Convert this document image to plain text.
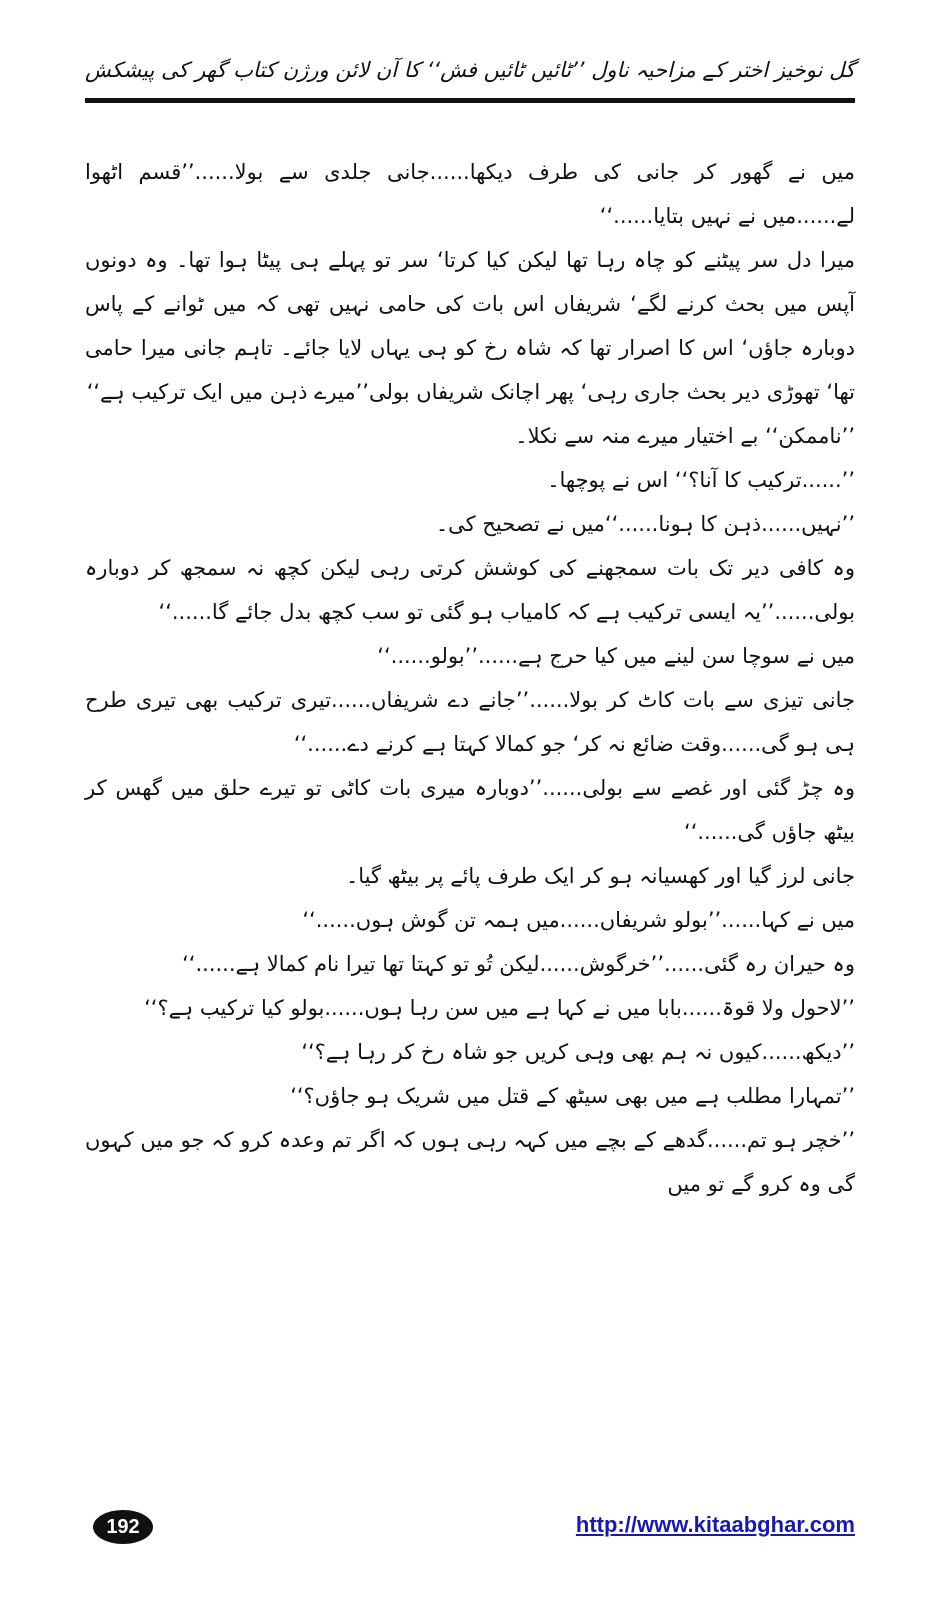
گل نوخیز اختر کے مزاحیہ ناول ’’ٹائیں ٹائیں فش‘‘ کا آن لائن ورژن
کتاب گھر کی پیشکش

میں نے گھور کر جانی کی طرف دیکھا......جانی جلدی سے بولا......’’قسم اٹھوا لے......میں نے نہیں بتایا......‘‘

میرا دل سر پیٹنے کو چاہ رہا تھا لیکن کیا کرتا‘ سر تو پہلے ہی پیٹا ہوا تھا۔ وہ دونوں آپس میں بحث کرنے لگے‘ شریفاں اس بات کی حامی نہیں تھی کہ میں ٹوانے کے پاس دوبارہ جاؤں‘ اس کا اصرار تھا کہ شاہ رخ کو ہی یہاں لایا جائے۔ تاہم جانی میرا حامی تھا‘ تھوڑی دیر بحث جاری رہی‘ پھر اچانک شریفاں بولی’’میرے ذہن میں ایک ترکیب ہے‘‘

’’ناممکن‘‘ بے اختیار میرے منہ سے نکلا۔

’’......ترکیب کا آنا؟‘‘ اس نے پوچھا۔

’’نہیں......ذہن کا ہونا......‘‘میں نے تصحیح کی۔

وہ کافی دیر تک بات سمجھنے کی کوشش کرتی رہی لیکن کچھ نہ سمجھ کر دوبارہ بولی......’’یہ ایسی ترکیب ہے کہ کامیاب ہو گئی تو سب کچھ بدل جائے گا......‘‘

میں نے سوچا سن لینے میں کیا حرج ہے......’’بولو......‘‘

جانی تیزی سے بات کاٹ کر بولا......’’جانے دے شریفاں......تیری ترکیب بھی تیری طرح ہی ہو گی......وقت ضائع نہ کر‘ جو کمالا کہتا ہے کرنے دے......‘‘

وہ چڑ گئی اور غصے سے بولی......’’دوبارہ میری بات کاٹی تو تیرے حلق میں گھس کر بیٹھ جاؤں گی......‘‘

جانی لرز گیا اور کھسیانہ ہو کر ایک طرف پائے پر بیٹھ گیا۔

میں نے کہا......’’بولو شریفاں......میں ہمہ تن گوش ہوں......‘‘

وہ حیران رہ گئی......’’خرگوش......لیکن تُو تو کہتا تھا تیرا نام کمالا ہے......‘‘

’’لاحول ولا قوۃ......بابا میں نے کہا ہے میں سن رہا ہوں......بولو کیا ترکیب ہے؟‘‘

’’دیکھ......کیوں نہ ہم بھی وہی کریں جو شاہ رخ کر رہا ہے؟‘‘

’’تمہارا مطلب ہے میں بھی سیٹھ کے قتل میں شریک ہو جاؤں؟‘‘

’’خچر ہو تم......گدھے کے بچے میں کہہ رہی ہوں کہ اگر تم وعدہ کرو کہ جو میں کہوں گی وہ کرو گے تو میں

192	http://www.kitaabghar.com
